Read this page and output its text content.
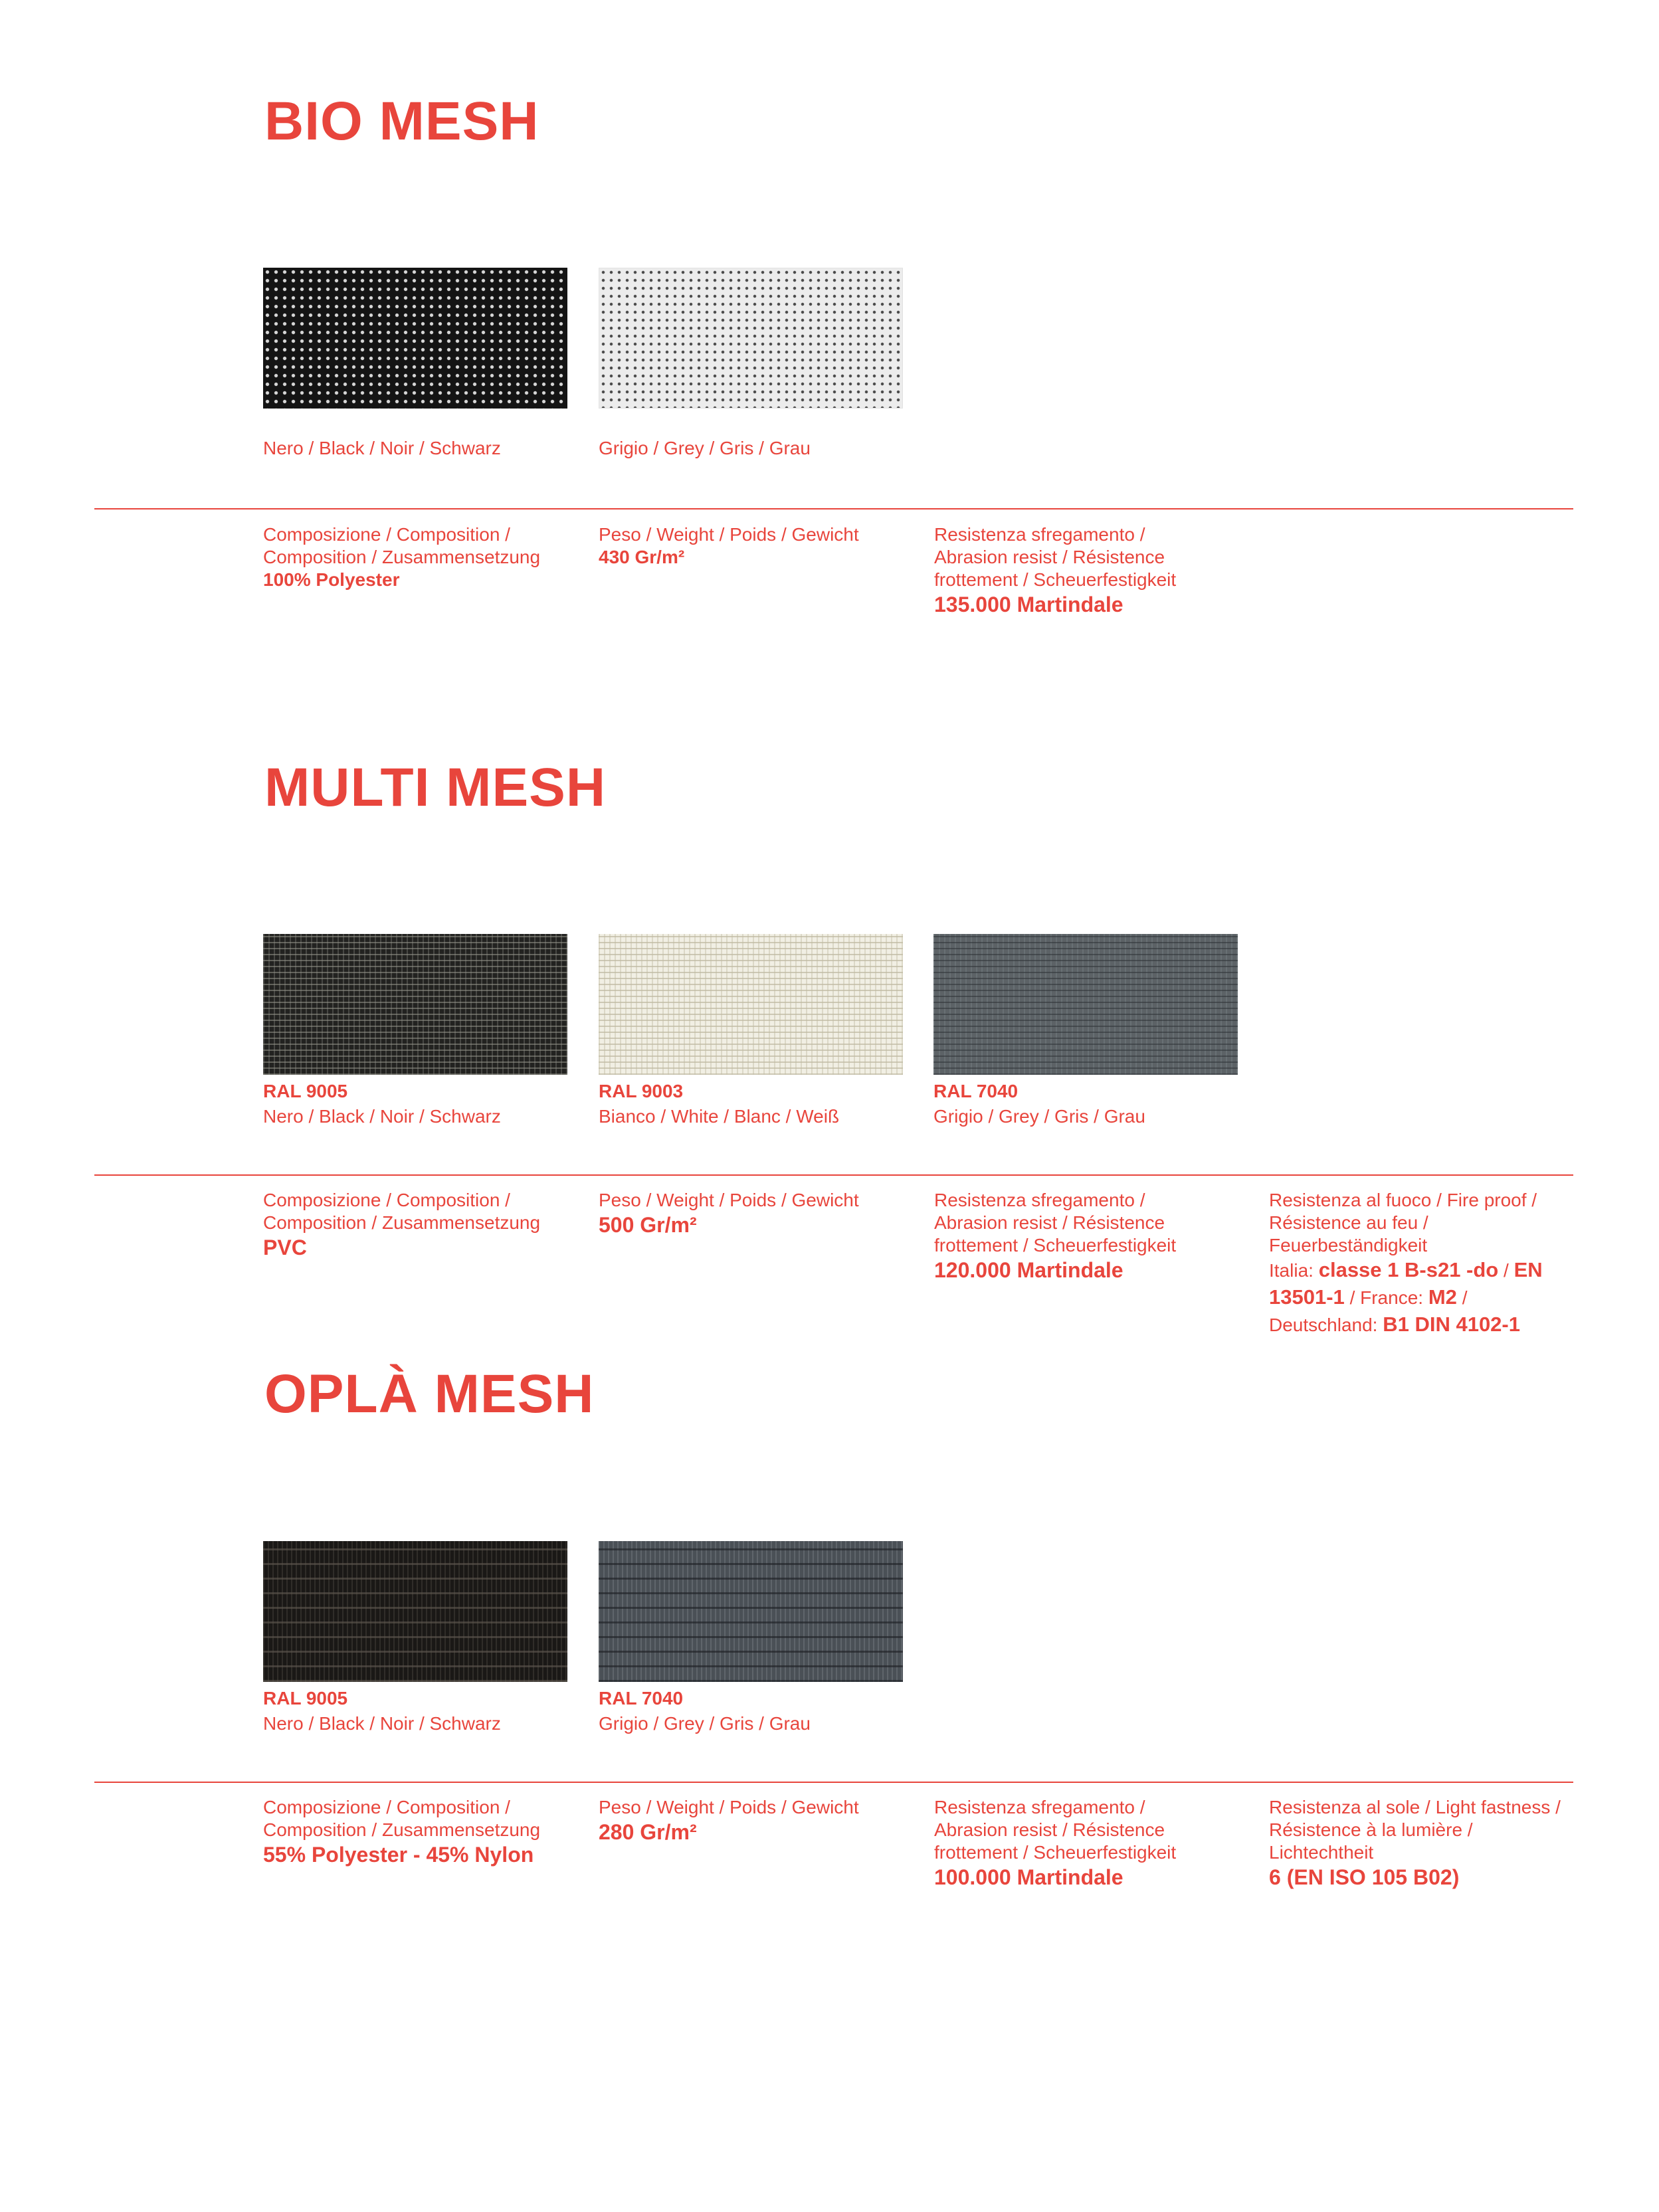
BIO MESH
Nero / Black / Noir / Schwarz	Grigio / Grey / Gris / Grau
Composizione / Composition / Composition / Zusammensetzung
100% Polyester
Peso / Weight / Poids / Gewicht
430 Gr/m²
Resistenza sfregamento / Abrasion resist / Résistence frottement / Scheuerfestigkeit
135.000 Martindale
MULTI MESH
RAL 9005
Nero / Black / Noir / Schwarz
RAL 9003
Bianco / White / Blanc / Weiß
RAL 7040
Grigio / Grey / Gris / Grau
Composizione / Composition / Composition / Zusammensetzung
PVC
Peso / Weight / Poids / Gewicht
500 Gr/m²
Resistenza sfregamento / Abrasion resist / Résistence frottement / Scheuerfestigkeit
120.000 Martindale
Resistenza al fuoco / Fire proof / Résistence au feu / Feuerbeständigkeit
Italia: classe 1 B-s21 -do / EN 13501-1 / France: M2 / Deutschland: B1 DIN 4102-1
OPLÀ MESH
RAL 9005
Nero / Black / Noir / Schwarz
RAL 7040
Grigio / Grey / Gris / Grau
Composizione / Composition / Composition / Zusammensetzung
55% Polyester - 45% Nylon
Peso / Weight / Poids / Gewicht
280 Gr/m²
Resistenza sfregamento / Abrasion resist / Résistence frottement / Scheuerfestigkeit
100.000 Martindale
Resistenza al sole / Light fastness / Résistence à la lumière / Lichtechtheit
6 (EN ISO 105 B02)
